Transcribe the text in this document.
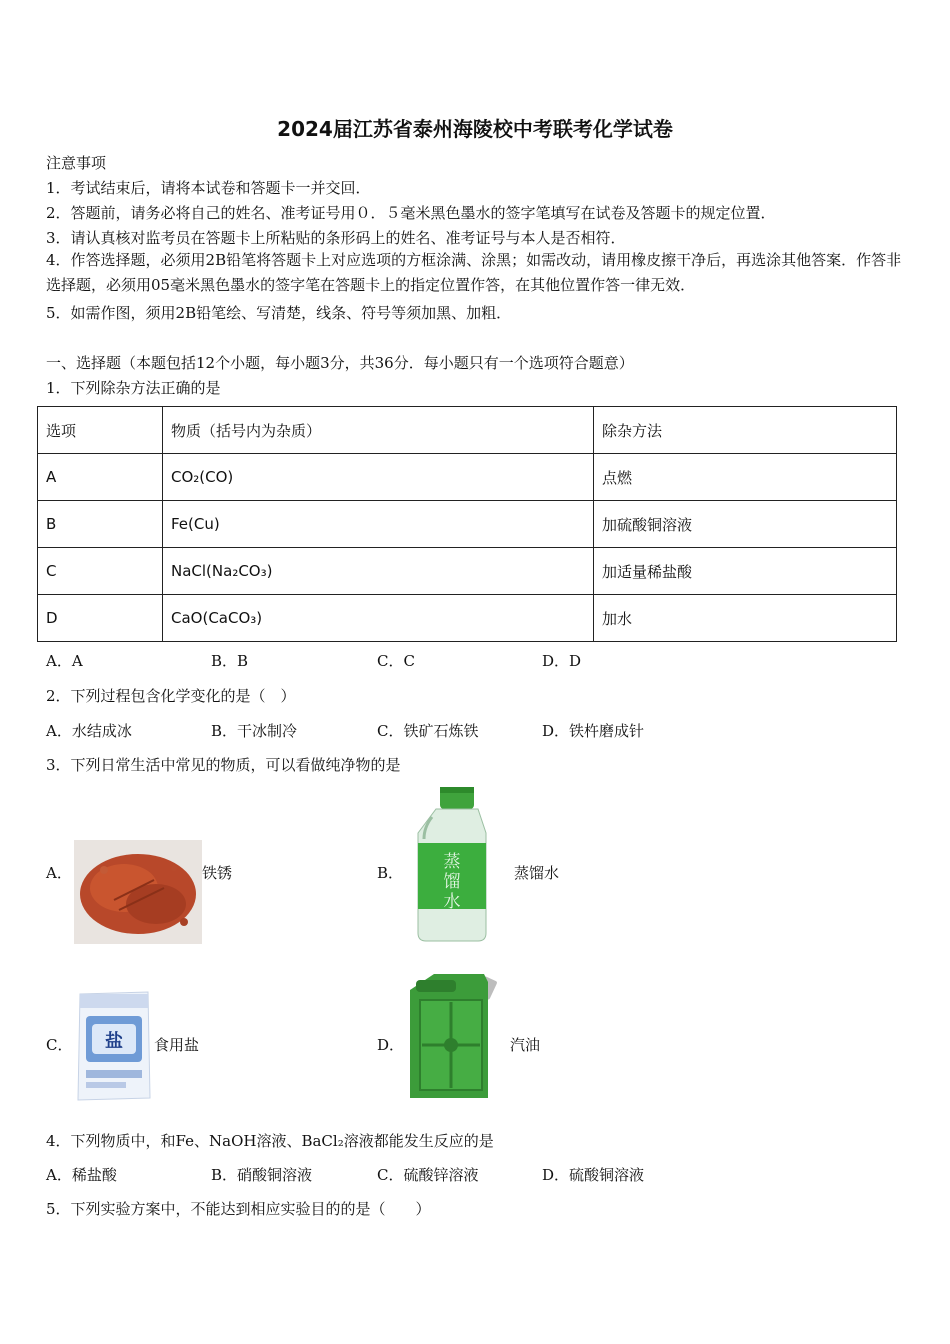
2024届江苏省泰州海陵校中考联考化学试卷
注意事项
1．考试结束后，请将本试卷和答题卡一并交回．
2．答题前，请务必将自己的姓名、准考证号用０．５毫米黑色墨水的签字笔填写在试卷及答题卡的规定位置．
3．请认真核对监考员在答题卡上所粘贴的条形码上的姓名、准考证号与本人是否相符．
4．作答选择题，必须用2B铅笔将答题卡上对应选项的方框涂满、涂黑；如需改动，请用橡皮擦干净后，再选涂其他答案．作答非选择题，必须用05毫米黑色墨水的签字笔在答题卡上的指定位置作答，在其他位置作答一律无效．
5．如需作图，须用2B铅笔绘、写清楚，线条、符号等须加黑、加粗．
一、选择题（本题包括12个小题，每小题3分，共36分．每小题只有一个选项符合题意）
1．下列除杂方法正确的是
选项	物质（括号内为杂质）	除杂方法
A	CO₂(CO)	点燃
B	Fe(Cu)	加硫酸铜溶液
C	NaCl(Na₂CO₃)	加适量稀盐酸
D	CaO(CaCO₃)	加水
A．A	B．B	C．C	D．D
2．下列过程包含化学变化的是（　）
A．水结成冰	B．干冰制冷	C．铁矿石炼铁	D．铁杵磨成针
3．下列日常生活中常见的物质，可以看做纯净物的是
A．	铁锈	B．
蒸
馏
水
蒸馏水
C． 盐 食用盐	D．	汽油
4．下列物质中，和Fe、NaOH溶液、BaCl₂溶液都能发生反应的是
A．稀盐酸	B．硝酸铜溶液	C．硫酸锌溶液	D．硫酸铜溶液
5．下列实验方案中，不能达到相应实验目的的是（　　）
